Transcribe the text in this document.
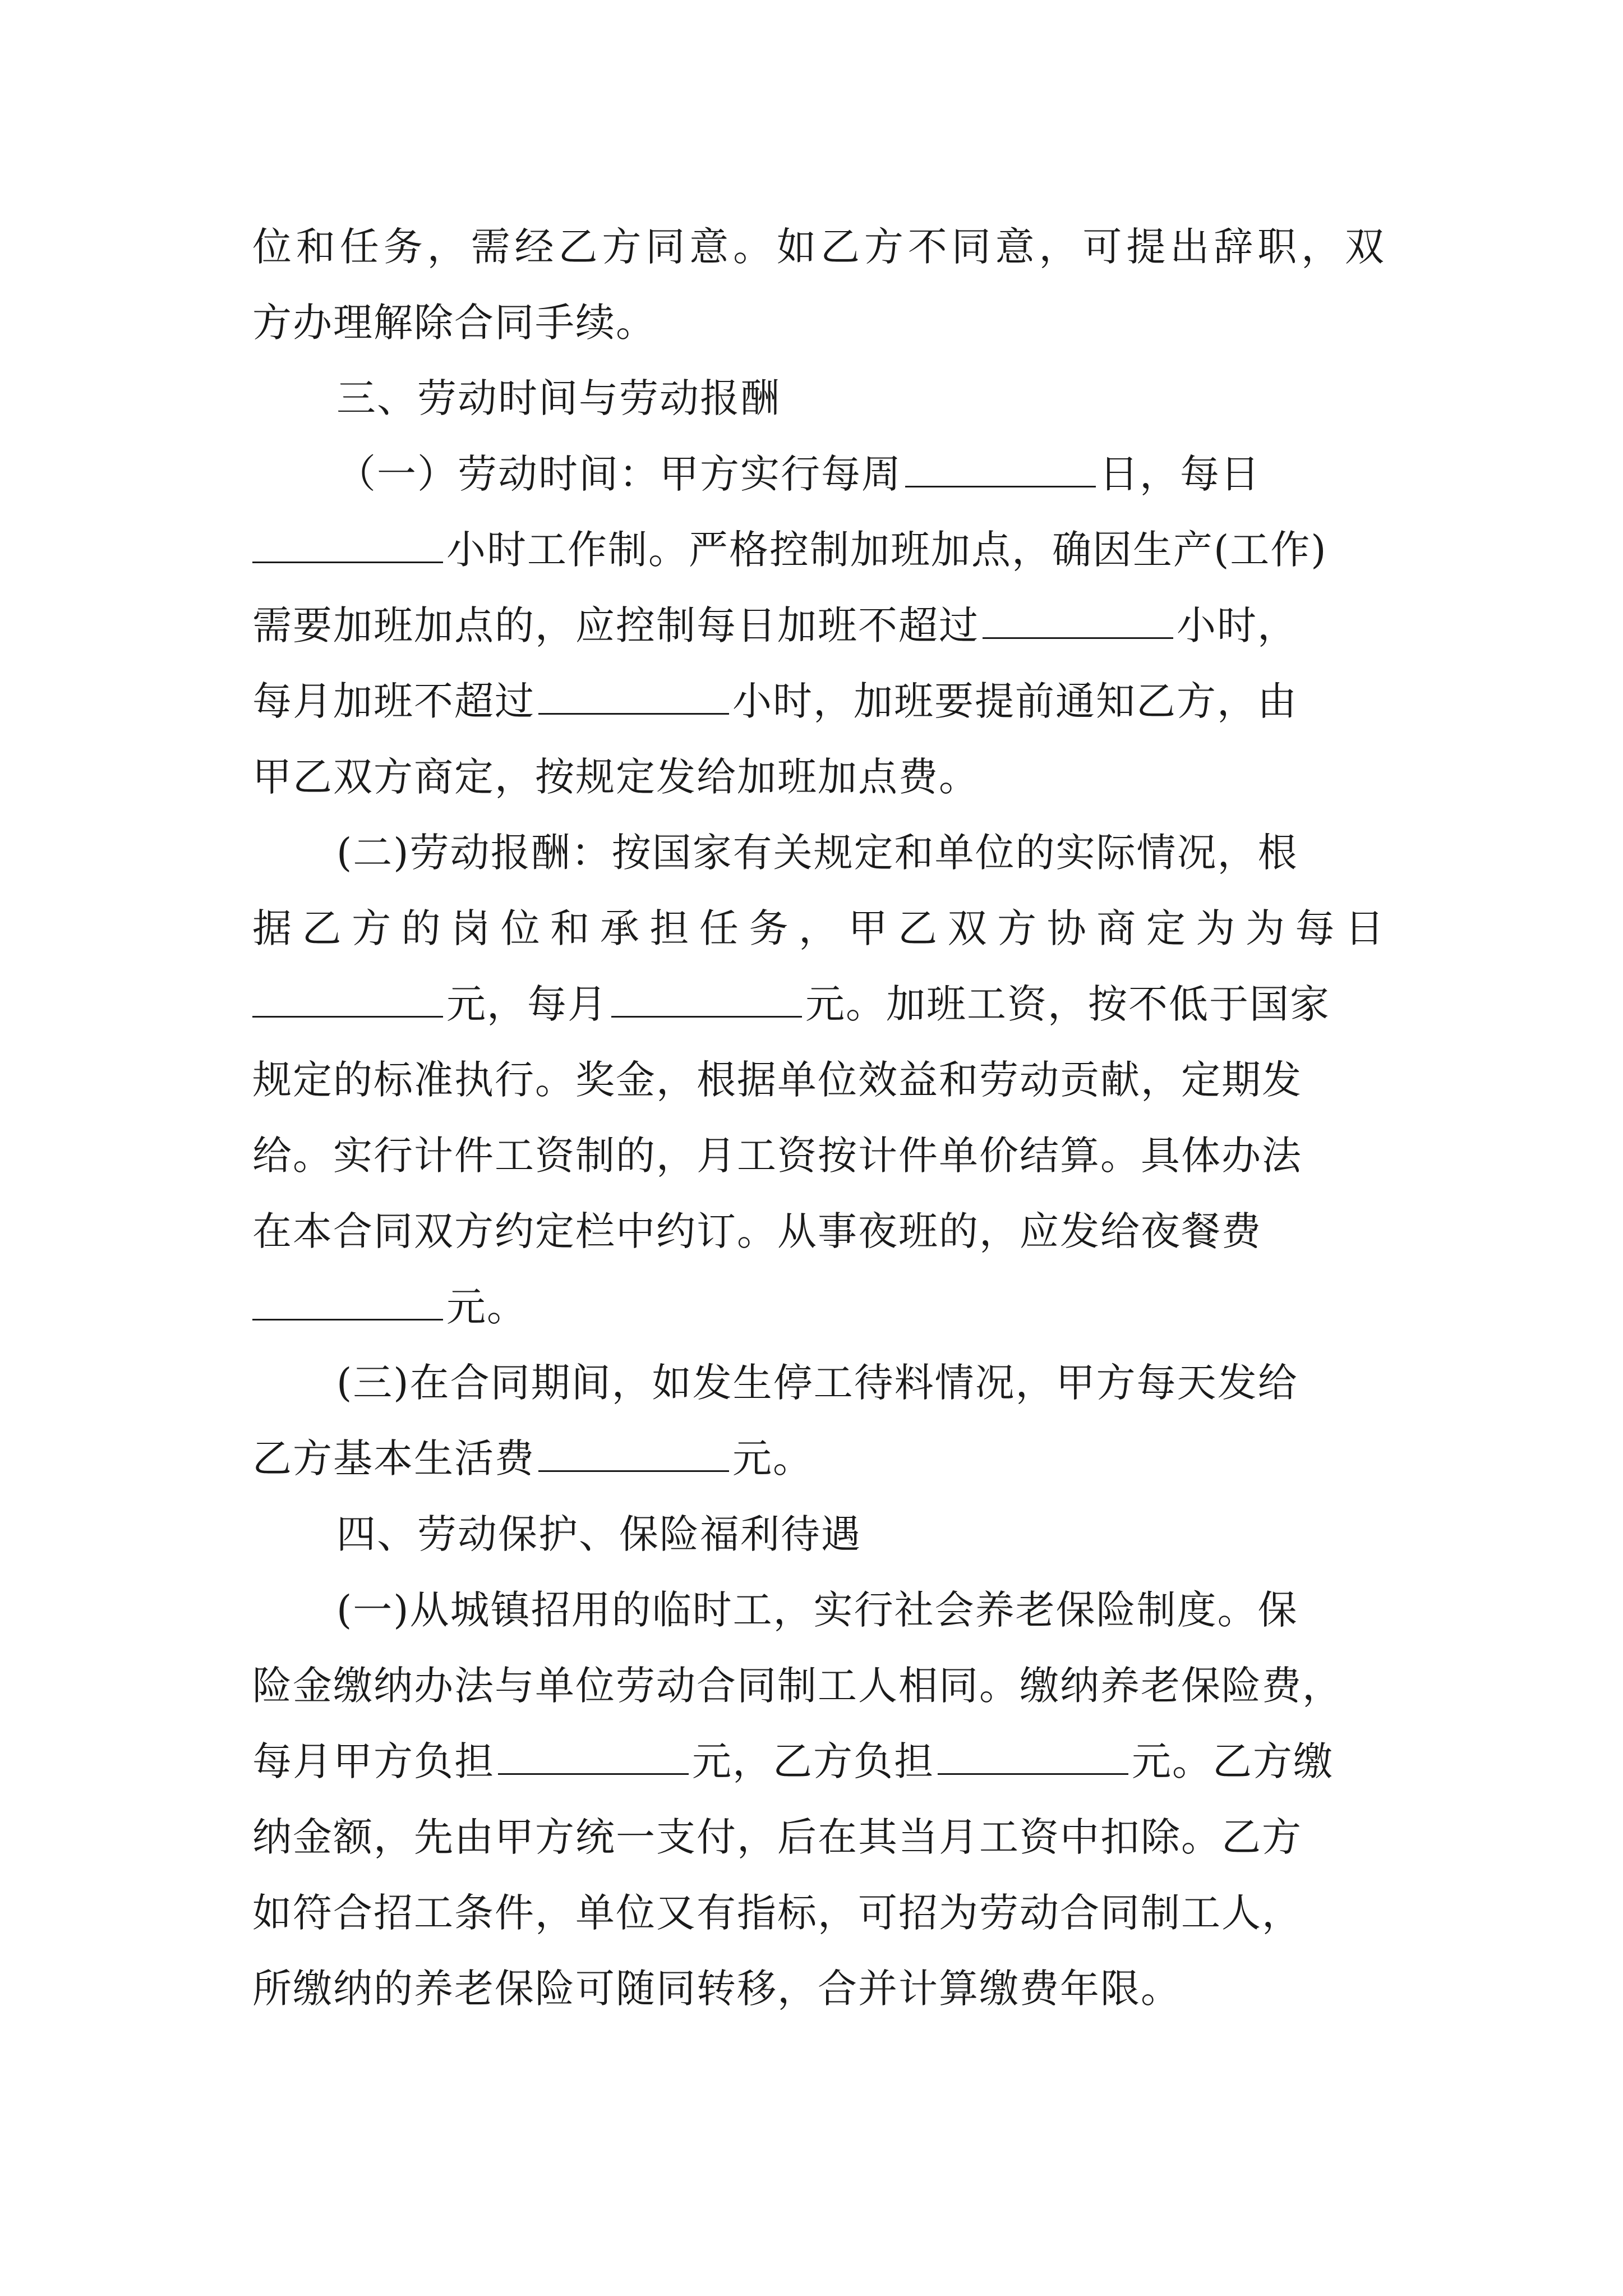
位和任务，需经乙方同意。如乙方不同意，可提出辞职，双
方办理解除合同手续。
三、劳动时间与劳动报酬
（一）劳动时间：甲方实行每周	日，每日
小时工作制。严格控制加班加点，确因生产(工作)
需要加班加点的，应控制每日加班不超过	小时，
每月加班不超过	小时，加班要提前通知乙方，由
甲乙双方商定，按规定发给加班加点费。
(二)劳动报酬：按国家有关规定和单位的实际情况，根
据乙方的岗位和承担任务，甲乙双方协商定为为每日
元，每月	元。加班工资，按不低于国家
规定的标准执行。奖金，根据单位效益和劳动贡献，定期发
给。实行计件工资制的，月工资按计件单价结算。具体办法
在本合同双方约定栏中约订。从事夜班的，应发给夜餐费
元。
(三)在合同期间，如发生停工待料情况，甲方每天发给
乙方基本生活费	元。
四、劳动保护、保险福利待遇
(一)从城镇招用的临时工，实行社会养老保险制度。保
险金缴纳办法与单位劳动合同制工人相同。缴纳养老保险费，
每月甲方负担	元，乙方负担	元。乙方缴
纳金额，先由甲方统一支付，后在其当月工资中扣除。乙方
如符合招工条件，单位又有指标，可招为劳动合同制工人，
所缴纳的养老保险可随同转移，合并计算缴费年限。
